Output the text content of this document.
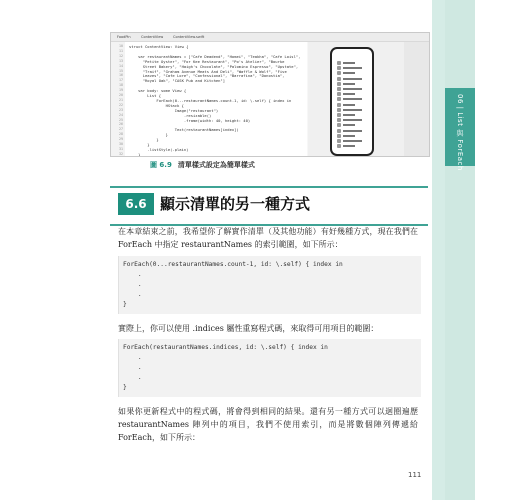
06 | List 與 ForEach
FoodPin	ContentView	ContentView.swift
10 struct ContentView: View {
11
12 var restaurantNames = ["Cafe Deadend", "Homei", "Teakha", "Cafe Loisl",
13 "Petite Oyster", "For Kee Restaurant", "Po's Atelier", "Bourke
14 Street Bakery", "Haigh's Chocolate", "Palomino Espresso", "Upstate",
15 "Traif", "Graham Avenue Meats And Deli", "Waffle & Wolf", "Five
16 Leaves", "Cafe Lore", "Confessional", "Barrafina", "Donostia",
17 "Royal Oak", "CASK Pub and Kitchen"]
18
19 var body: some View {
20 List {
21 ForEach(0...restaurantNames.count-1, id: \.self) { index in
22 HStack {
23 Image("restaurant")
24 .resizable()
25 .frame(width: 40, height: 40)
26
27 Text(restaurantNames[index])
28 }
29 }
30 }
31 .listStyle(.plain)
32 }
圖 6.9 清單樣式設定為簡單樣式
6.6 顯示清單的另一種方式
在本章結束之前，我希望你了解實作清單（及其他功能）有好幾種方式，現在我們在 ForEach 中指定 restaurantNames 的索引範圍，如下所示：
ForEach(0...restaurantNames.count-1, id: \.self) { index in
.
.
.
}
實際上，你可以使用 .indices 屬性重寫程式碼，來取得可用項目的範圍：
ForEach(restaurantNames.indices, id: \.self) { index in
.
.
.
}
如果你更新程式中的程式碼，將會得到相同的結果。還有另一種方式可以迴圈遍歷 restaurantNames 陣列中的項目，我們不使用索引，而是將數個陣列傳遞給 ForEach，如下所示：
111
